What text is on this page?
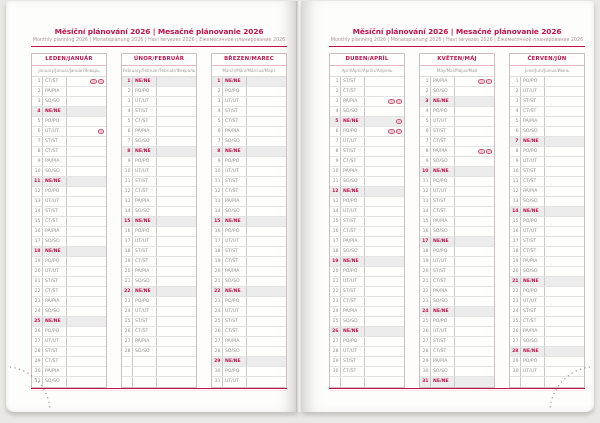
Měsíční plánování 2026 | Mesačné plánovanie 2026
Monthly planning 2026 | Monatsplanung 2026 | Havi tervezés 2026 | Ежемесячное планирование 2026
LEDEN/JANUÁR
January/Januar/Január/Январь
1 ČT/ŠT
2 PÁ/PIA
3 SO/SO
4 NE/NE
5 PO/PO
6 ÚT/UT
7 ST/ST
8 ČT/ŠT
9 PÁ/PIA
10 SO/SO
11 NE/NE
12 PO/PO
13 ÚT/UT
14 ST/ST
15 ČT/ŠT
16 PÁ/PIA
17 SO/SO
18 NE/NE
19 PO/PO
20 ÚT/UT
21 ST/ST
22 ČT/ŠT
23 PÁ/PIA
24 SO/SO
25 NE/NE
26 PO/PO
27 ÚT/UT
28 ST/ST
29 ČT/ŠT
30 PÁ/PIA
31 SO/SO
ÚNOR/FEBRUÁR
February/Februar/Február/Февраль
1 NE/NE
2 PO/PO
3 ÚT/UT
4 ST/ST
5 ČT/ŠT
6 PÁ/PIA
7 SO/SO
8 NE/NE
9 PO/PO
10 ÚT/UT
11 ST/ST
12 ČT/ŠT
13 PÁ/PIA
14 SO/SO
15 NE/NE
16 PO/PO
17 ÚT/UT
18 ST/ST
19 ČT/ŠT
20 PÁ/PIA
21 SO/SO
22 NE/NE
23 PO/PO
24 ÚT/UT
25 ST/ST
26 ČT/ŠT
27 PÁ/PIA
28 SO/SO
BŘEZEN/MAREC
March/März/Március/Март
1 NE/NE
2 PO/PO
3 ÚT/UT
4 ST/ST
5 ČT/ŠT
6 PÁ/PIA
7 SO/SO
8 NE/NE
9 PO/PO
10 ÚT/UT
11 ST/ST
12 ČT/ŠT
13 PÁ/PIA
14 SO/SO
15 NE/NE
16 PO/PO
17 ÚT/UT
18 ST/ST
19 ČT/ŠT
20 PÁ/PIA
21 SO/SO
22 NE/NE
23 PO/PO
24 ÚT/UT
25 ST/ST
26 ČT/ŠT
27 PÁ/PIA
28 SO/SO
29 NE/NE
30 PO/PO
31 ÚT/UT
Měsíční plánování 2026 | Mesačné plánovanie 2026
Monthly planning 2026 | Monatsplanung 2026 | Havi tervezés 2026 | Ежемесячное планирование 2026
DUBEN/APRÍL
April/April/Április/Апрель
1 ST/ST
2 ČT/ŠT
3 PÁ/PIA
4 SO/SO
5 NE/NE
6 PO/PO
7 ÚT/UT
8 ST/ST
9 ČT/ŠT
10 PÁ/PIA
11 SO/SO
12 NE/NE
13 PO/PO
14 ÚT/UT
15 ST/ST
16 ČT/ŠT
17 PÁ/PIA
18 SO/SO
19 NE/NE
20 PO/PO
21 ÚT/UT
22 ST/ST
23 ČT/ŠT
24 PÁ/PIA
25 SO/SO
26 NE/NE
27 PO/PO
28 ÚT/UT
29 ST/ST
30 ČT/ŠT
KVĚTEN/MÁJ
May/Mai/Május/Май
1 PÁ/PIA
2 SO/SO
3 NE/NE
4 PO/PO
5 ÚT/UT
6 ST/ST
7 ČT/ŠT
8 PÁ/PIA
9 SO/SO
10 NE/NE
11 PO/PO
12 ÚT/UT
13 ST/ST
14 ČT/ŠT
15 PÁ/PIA
16 SO/SO
17 NE/NE
18 PO/PO
19 ÚT/UT
20 ST/ST
21 ČT/ŠT
22 PÁ/PIA
23 SO/SO
24 NE/NE
25 PO/PO
26 ÚT/UT
27 ST/ST
28 ČT/ŠT
29 PÁ/PIA
30 SO/SO
31 NE/NE
ČERVEN/JÚN
June/Juni/Június/Июнь
1 PO/PO
2 ÚT/UT
3 ST/ST
4 ČT/ŠT
5 PÁ/PIA
6 SO/SO
7 NE/NE
8 PO/PO
9 ÚT/UT
10 ST/ST
11 ČT/ŠT
12 PÁ/PIA
13 SO/SO
14 NE/NE
15 PO/PO
16 ÚT/UT
17 ST/ST
18 ČT/ŠT
19 PÁ/PIA
20 SO/SO
21 NE/NE
22 PO/PO
23 ÚT/UT
24 ST/ST
25 ČT/ŠT
26 PÁ/PIA
27 SO/SO
28 NE/NE
29 PO/PO
30 ÚT/UT
